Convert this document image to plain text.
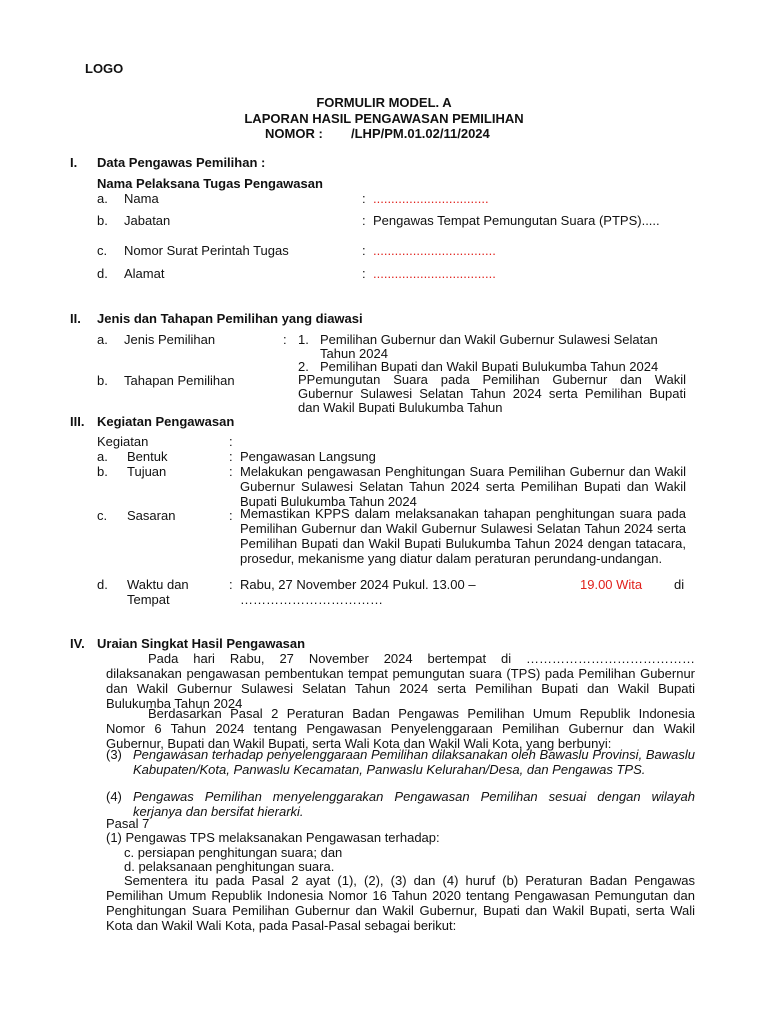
LOGO
FORMULIR MODEL. A
LAPORAN HASIL PENGAWASAN PEMILIHAN
NOMOR : /LHP/PM.01.02/11/2024
I. Data Pengawas Pemilihan :
Nama Pelaksana Tugas Pengawasan
a. Nama	: ................................
b. Jabatan	: Pengawas Tempat Pemungutan Suara (PTPS).....
c. Nomor Surat Perintah Tugas	: ..................................
d. Alamat	: ..................................
II. Jenis dan Tahapan Pemilihan yang diawasi
a. Jenis Pemilihan	: 1. Pemilihan Gubernur dan Wakil Gubernur Sulawesi Selatan
Tahun 2024
2. Pemilihan Bupati dan Wakil Bupati Bulukumba Tahun 2024
b. Tahapan Pemilihan	PPemungutan Suara pada Pemilihan Gubernur dan Wakil Gubernur Sulawesi Selatan Tahun 2024 serta Pemilihan Bupati dan Wakil Bupati Bulukumba Tahun
III. Kegiatan Pengawasan
Kegiatan	:
a. Bentuk	: Pengawasan Langsung
b. Tujuan	: Melakukan pengawasan Penghitungan Suara Pemilihan Gubernur dan Wakil Gubernur Sulawesi Selatan Tahun 2024 serta Pemilihan Bupati dan Wakil Bupati Bulukumba Tahun 2024
c. Sasaran	: Memastikan KPPS dalam melaksanakan tahapan penghitungan suara pada Pemilihan Gubernur dan Wakil Gubernur Sulawesi Selatan Tahun 2024 serta Pemilihan Bupati dan Wakil Bupati Bulukumba Tahun 2024 dengan tatacara, prosedur, mekanisme yang diatur dalam peraturan perundang-undangan.
d. Waktu dan
Tempat
: Rabu, 27 November 2024 Pukul. 13.00 –	19.00 Wita di
……………………………
IV. Uraian Singkat Hasil Pengawasan
Pada hari Rabu, 27 November 2024 bertempat di …………………………………
dilaksanakan pengawasan pembentukan tempat pemungutan suara (TPS) pada Pemilihan Gubernur dan Wakil Gubernur Sulawesi Selatan Tahun 2024 serta Pemilihan Bupati dan Wakil Bupati Bulukumba Tahun 2024
Berdasarkan Pasal 2 Peraturan Badan Pengawas Pemilihan Umum Republik Indonesia
Nomor 6 Tahun 2024 tentang Pengawasan Penyelenggaraan Pemilihan Gubernur dan Wakil Gubernur, Bupati dan Wakil Bupati, serta Wali Kota dan Wakil Wali Kota, yang berbunyi:
(3) Pengawasan terhadap penyelenggaraan Pemilihan dilaksanakan oleh Bawaslu Provinsi, Bawaslu Kabupaten/Kota, Panwaslu Kecamatan, Panwaslu Kelurahan/Desa, dan Pengawas TPS.
(4) Pengawas Pemilihan menyelenggarakan Pengawasan Pemilihan sesuai dengan wilayah kerjanya dan bersifat hierarki.
Pasal 7
(1) Pengawas TPS melaksanakan Pengawasan terhadap:
c. persiapan penghitungan suara; dan
d. pelaksanaan penghitungan suara.
Sementera itu pada Pasal 2 ayat (1), (2), (3) dan (4) huruf (b) Peraturan Badan Pengawas
Pemilihan Umum Republik Indonesia Nomor 16 Tahun 2020 tentang Pengawasan Pemungutan dan Penghitungan Suara Pemilihan Gubernur dan Wakil Gubernur, Bupati dan Wakil Bupati, serta Wali Kota dan Wakil Wali Kota, pada Pasal-Pasal sebagai berikut:
